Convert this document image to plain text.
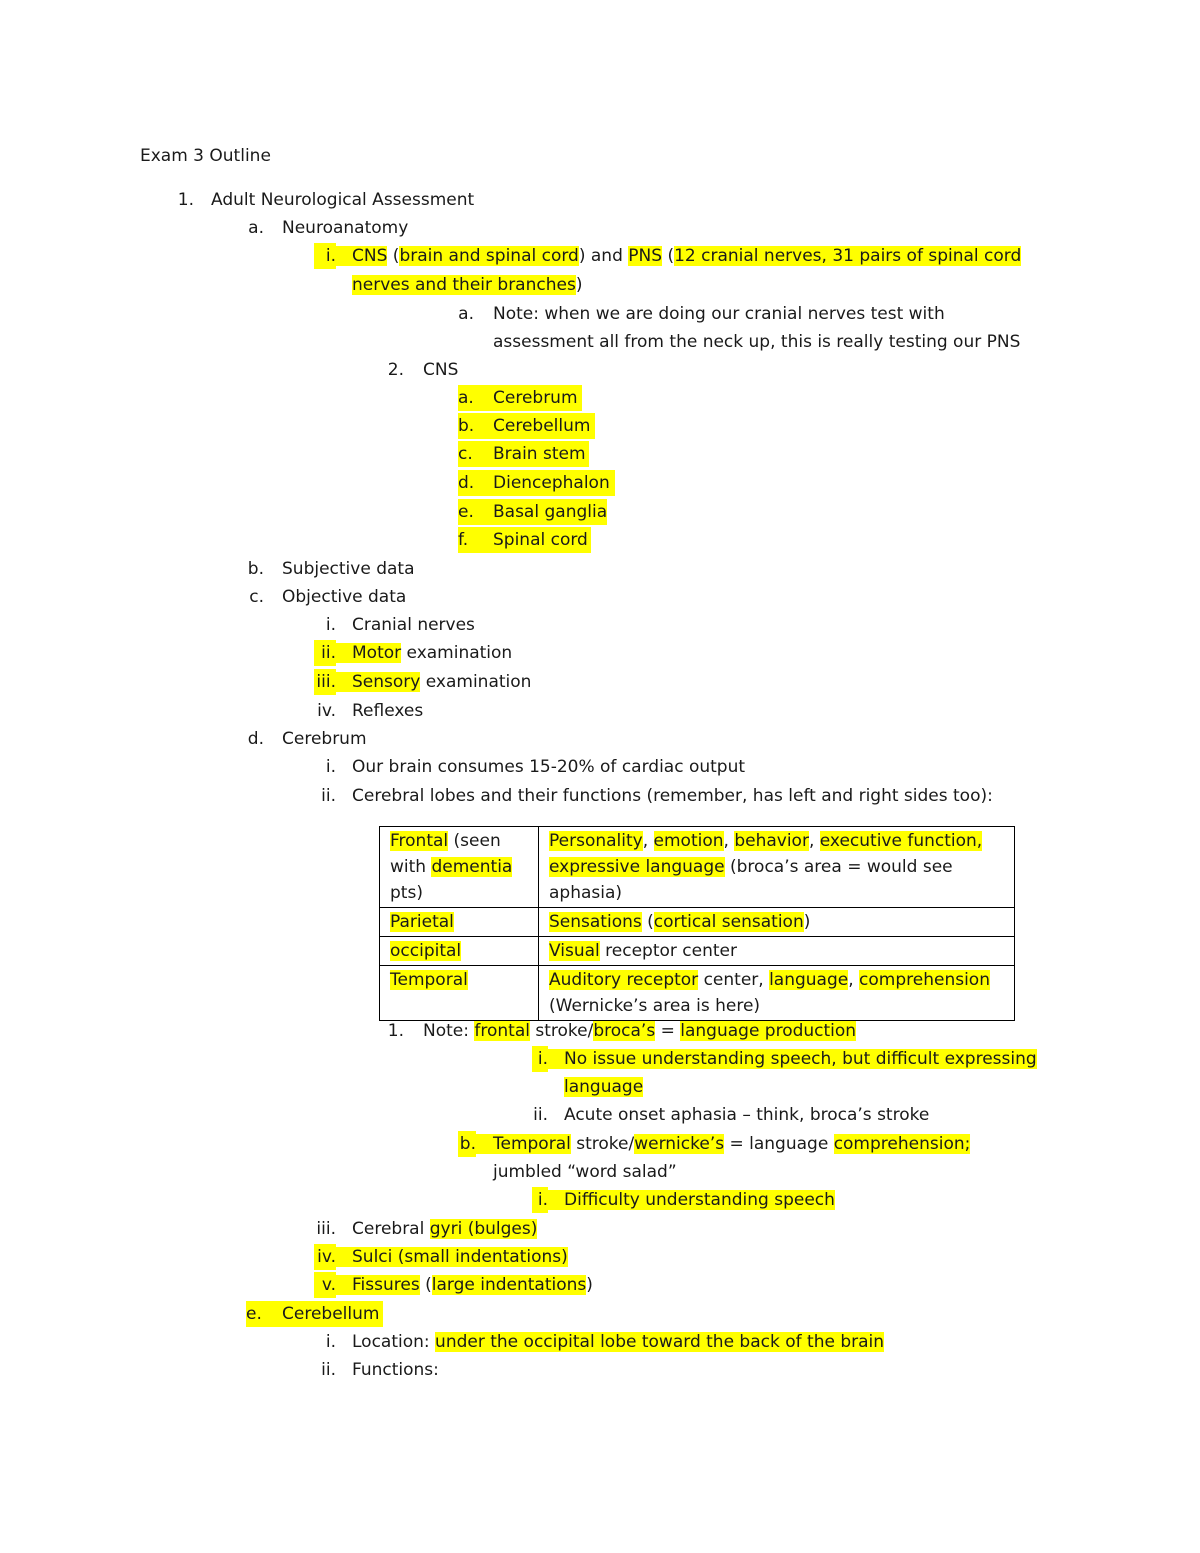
Exam 3 Outline
1. Adult Neurological Assessment
a. Neuroanatomy
i. CNS (brain and spinal cord) and PNS (12 cranial nerves, 31 pairs of spinal cord
nerves and their branches)
a. Note: when we are doing our cranial nerves test with
assessment all from the neck up, this is really testing our PNS
2. CNS
a. Cerebrum
b. Cerebellum
c. Brain stem
d. Diencephalon
e. Basal ganglia
f. Spinal cord
b. Subjective data
c. Objective data
i. Cranial nerves
ii. Motor examination
iii. Sensory examination
iv. Reflexes
d. Cerebrum
i. Our brain consumes 15-20% of cardiac output
ii. Cerebral lobes and their functions (remember, has left and right sides too):
Frontal (seen with dementia pts)	Personality, emotion, behavior, executive function, expressive language (broca’s area = would see aphasia)
Parietal	Sensations (cortical sensation)
occipital	Visual receptor center
Temporal	Auditory receptor center, language, comprehension (Wernicke’s area is here)
1. Note: frontal stroke/broca’s = language production
i. No issue understanding speech, but difficult expressing
language
ii. Acute onset aphasia – think, broca’s stroke
b.	Temporal stroke/wernicke’s = language comprehension;
jumbled “word salad”
i. Difficulty understanding speech
iii. Cerebral gyri (bulges)
iv. Sulci (small indentations)
v. Fissures (large indentations)
e. Cerebellum
i. Location: under the occipital lobe toward the back of the brain
ii. Functions:
